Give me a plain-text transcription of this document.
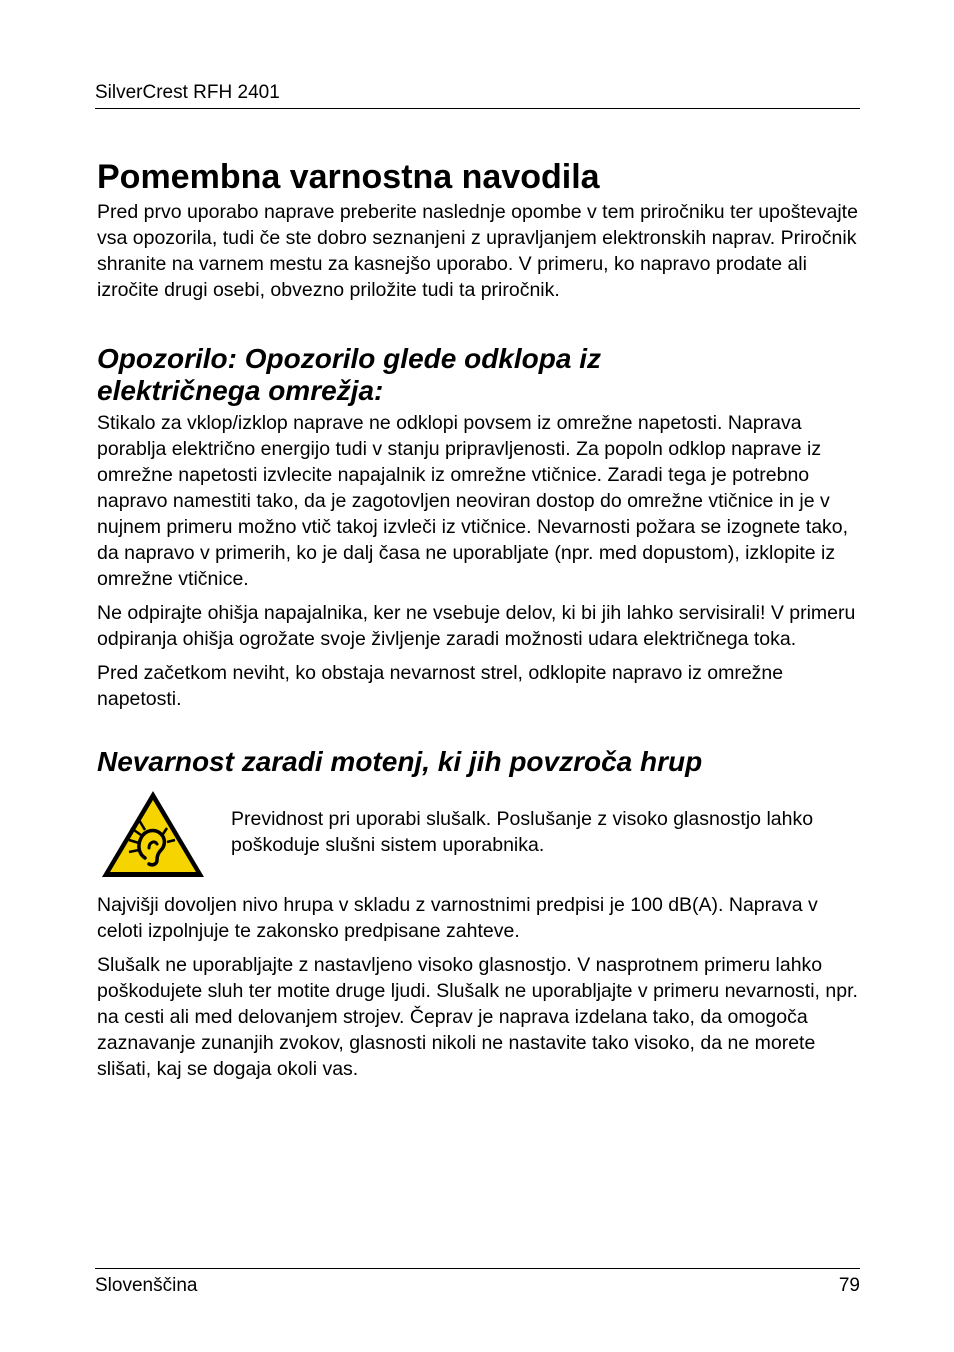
SilverCrest RFH 2401
Pomembna varnostna navodila

Pred prvo uporabo naprave preberite naslednje opombe v tem priročniku ter upoštevajte vsa opozorila, tudi če ste dobro seznanjeni z upravljanjem elektronskih naprav. Priročnik shranite na varnem mestu za kasnejšo uporabo. V primeru, ko napravo prodate ali izročite drugi osebi, obvezno priložite tudi ta priročnik.

Opozorilo: Opozorilo glede odklopa iz
električnega omrežja:

Stikalo za vklop/izklop naprave ne odklopi povsem iz omrežne napetosti. Naprava porablja električno energijo tudi v stanju pripravljenosti. Za popoln odklop naprave iz omrežne napetosti izvlecite napajalnik iz omrežne vtičnice. Zaradi tega je potrebno napravo namestiti tako, da je zagotovljen neoviran dostop do omrežne vtičnice in je v nujnem primeru možno vtič takoj izvleči iz vtičnice. Nevarnosti požara se izognete tako, da napravo v primerih, ko je dalj časa ne uporabljate (npr. med dopustom), izklopite iz omrežne vtičnice.

Ne odpirajte ohišja napajalnika, ker ne vsebuje delov, ki bi jih lahko servisirali! V primeru odpiranja ohišja ogrožate svoje življenje zaradi možnosti udara električnega toka.

Pred začetkom neviht, ko obstaja nevarnost strel, odklopite napravo iz omrežne napetosti.

Nevarnost zaradi motenj, ki jih povzroča hrup

Previdnost pri uporabi slušalk. Poslušanje z visoko glasnostjo lahko poškoduje slušni sistem uporabnika.

Najvišji dovoljen nivo hrupa v skladu z varnostnimi predpisi je 100 dB(A). Naprava v celoti izpolnjuje te zakonsko predpisane zahteve.

Slušalk ne uporabljajte z nastavljeno visoko glasnostjo. V nasprotnem primeru lahko poškodujete sluh ter motite druge ljudi. Slušalk ne uporabljajte v primeru nevarnosti, npr. na cesti ali med delovanjem strojev. Čeprav je naprava izdelana tako, da omogoča zaznavanje zunanjih zvokov, glasnosti nikoli ne nastavite tako visoko, da ne morete slišati, kaj se dogaja okoli vas.

Slovenščina	79
